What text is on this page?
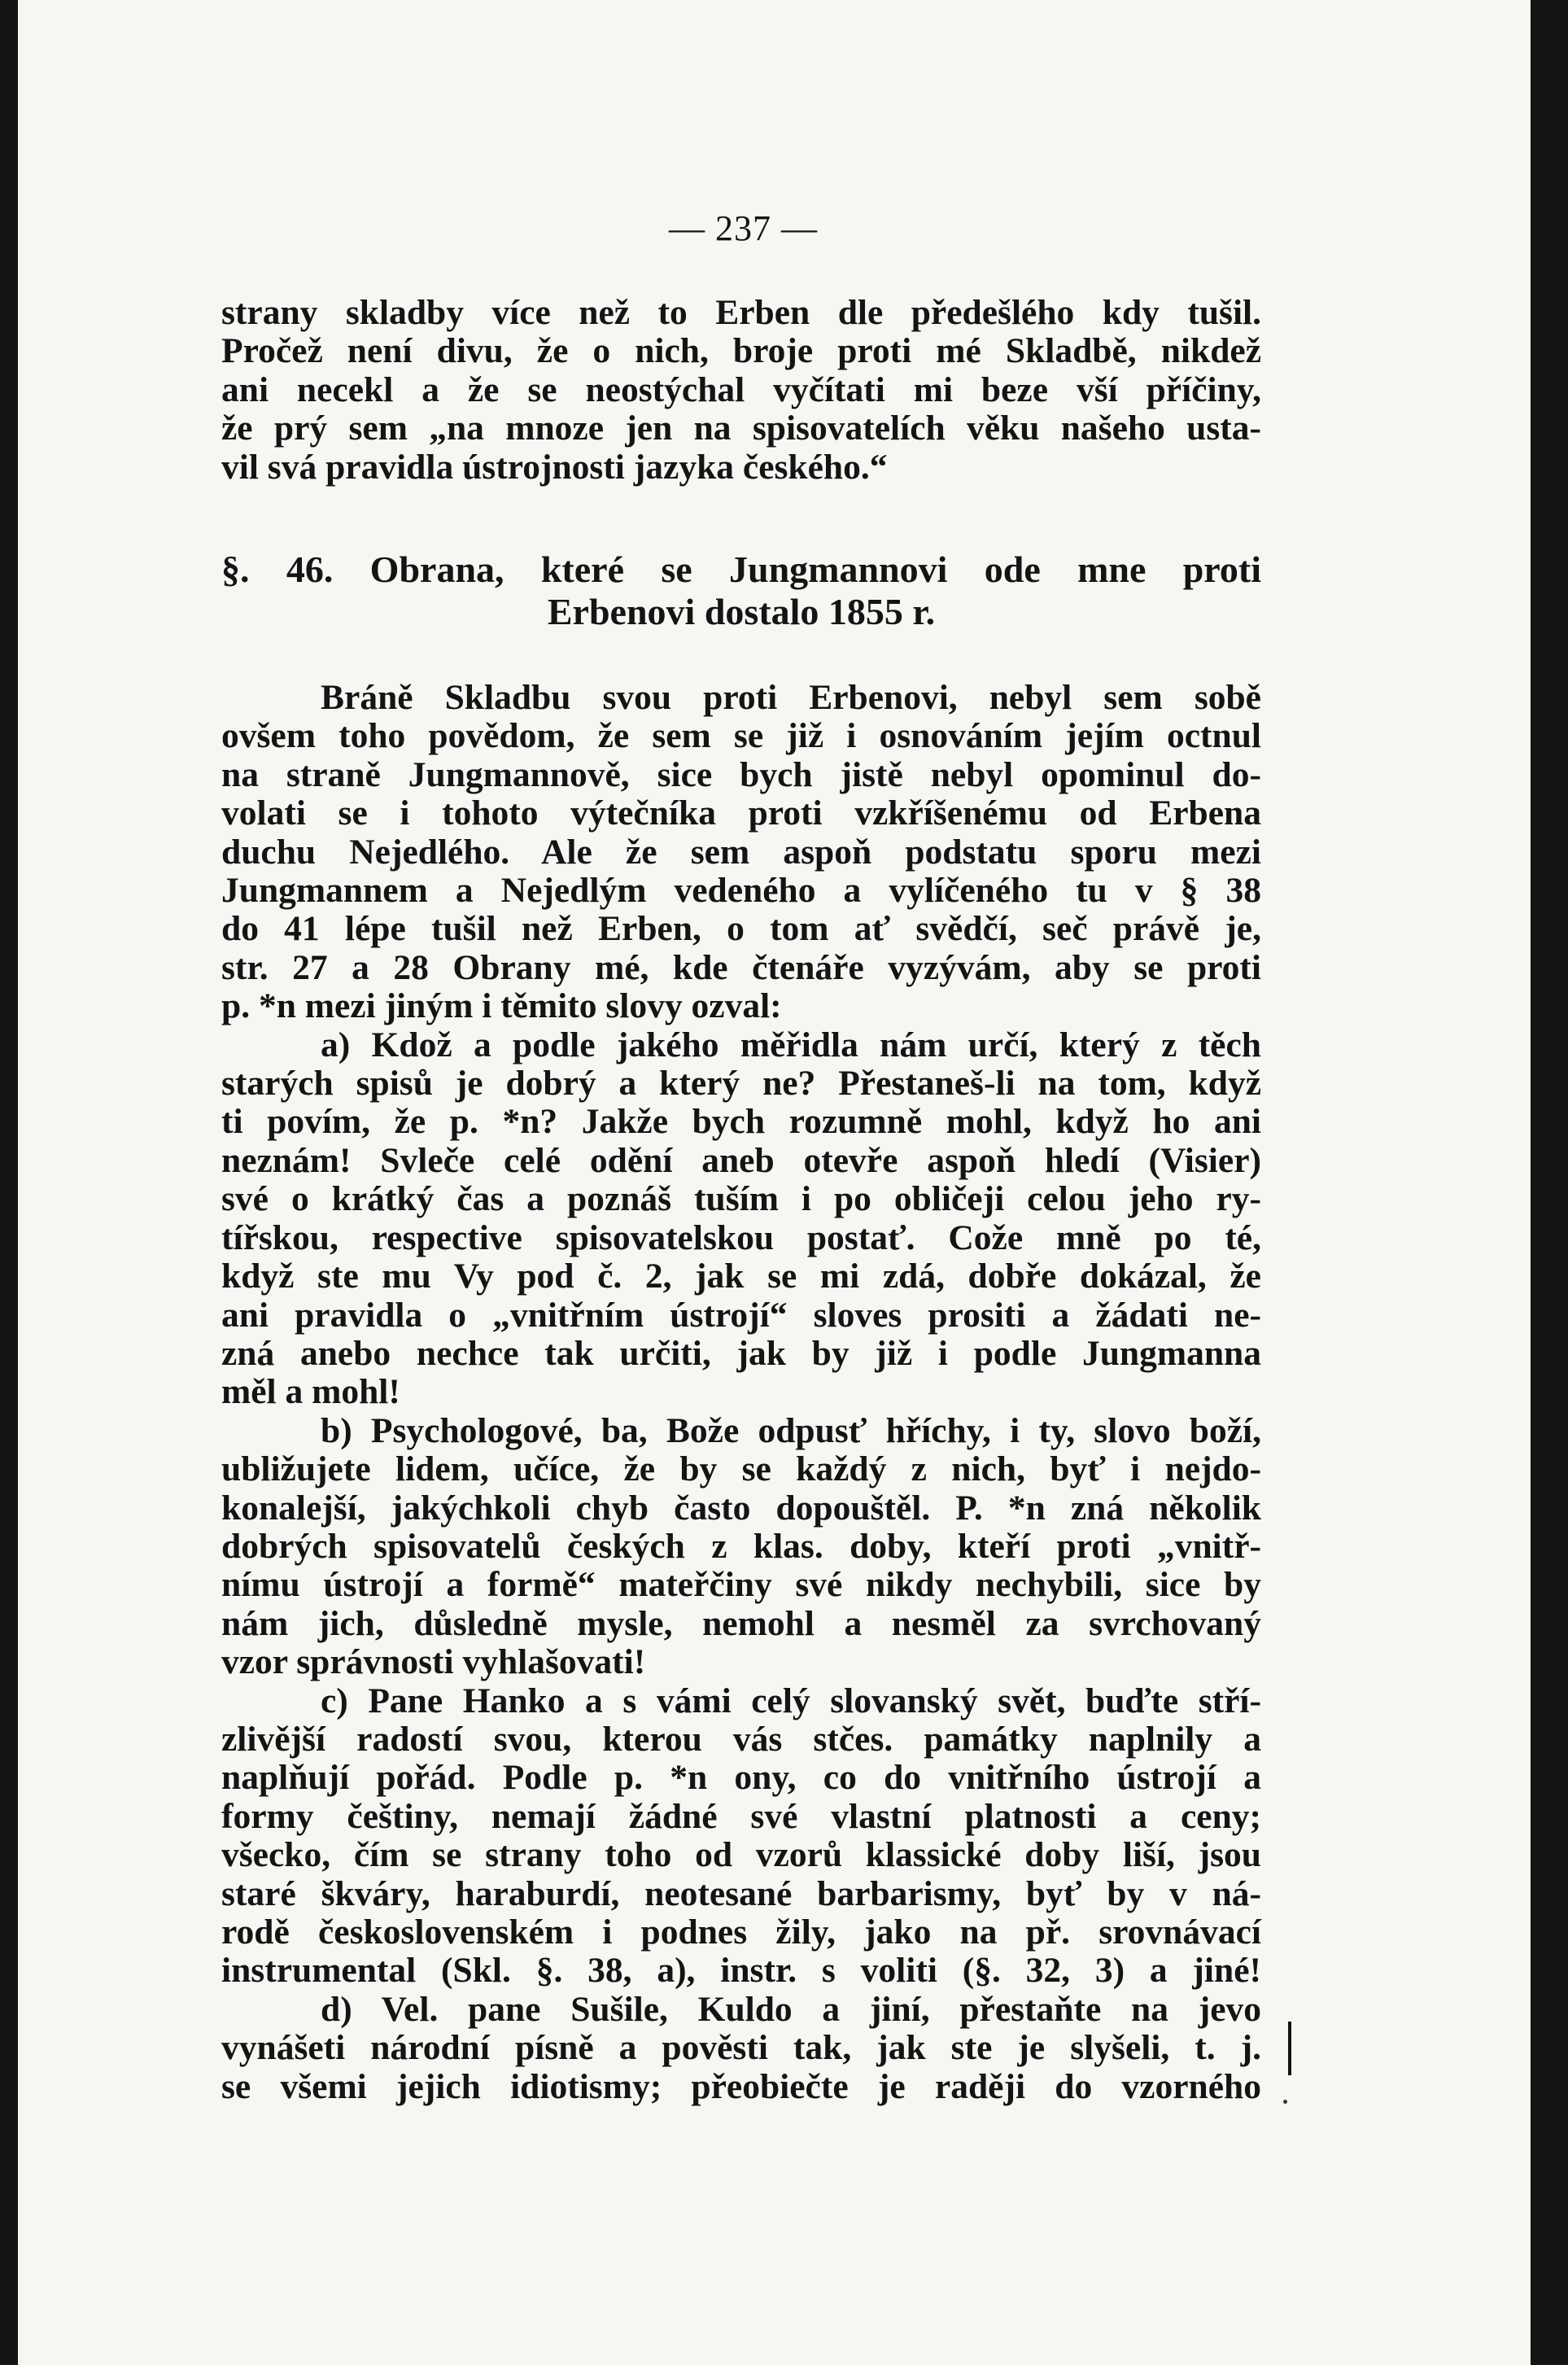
— 237 —
strany skladby více než to Erben dle předešlého kdy tušil.
Pročež není divu, že o nich, broje proti mé Skladbě, nikdež
ani necekl a že se neostýchal vyčítati mi beze vší příčiny,
že prý sem „na mnoze jen na spisovatelích věku našeho usta-
vil svá pravidla ústrojnosti jazyka českého.“
§. 46. Obrana, které se Jungmannovi ode mne proti
Erbenovi dostalo 1855 r.
Bráně Skladbu svou proti Erbenovi, nebyl sem sobě
ovšem toho povědom, že sem se již i osnováním jejím octnul
na straně Jungmannově, sice bych jistě nebyl opominul do-
volati se i tohoto výtečníka proti vzkříšenému od Erbena
duchu Nejedlého. Ale že sem aspoň podstatu sporu mezi
Jungmannem a Nejedlým vedeného a vylíčeného tu v § 38
do 41 lépe tušil než Erben, o tom ať svědčí, seč právě je,
str. 27 a 28 Obrany mé, kde čtenáře vyzývám, aby se proti
p. *n mezi jiným i těmito slovy ozval:
a) Kdož a podle jakého měřidla nám určí, který z těch
starých spisů je dobrý a který ne? Přestaneš-li na tom, když
ti povím, že p. *n? Jakže bych rozumně mohl, když ho ani
neznám! Svleče celé odění aneb otevře aspoň hledí (Visier)
své o krátký čas a poznáš tuším i po obličeji celou jeho ry-
tířskou, respective spisovatelskou postať. Cože mně po té,
když ste mu Vy pod č. 2, jak se mi zdá, dobře dokázal, že
ani pravidla o „vnitřním ústrojí“ sloves prositi a žádati ne-
zná anebo nechce tak určiti, jak by již i podle Jungmanna
měl a mohl!
b) Psychologové, ba, Bože odpusť hříchy, i ty, slovo boží,
ubližujete lidem, učíce, že by se každý z nich, byť i nejdo-
konalejší, jakýchkoli chyb často dopouštěl. P. *n zná několik
dobrých spisovatelů českých z klas. doby, kteří proti „vnitř-
nímu ústrojí a formě“ mateřčiny své nikdy nechybili, sice by
nám jich, důsledně mysle, nemohl a nesměl za svrchovaný
vzor správnosti vyhlašovati!
c) Pane Hanko a s vámi celý slovanský svět, buďte stří-
zlivější radostí svou, kterou vás stčes. památky naplnily a
naplňují pořád. Podle p. *n ony, co do vnitřního ústrojí a
formy češtiny, nemají žádné své vlastní platnosti a ceny;
všecko, čím se strany toho od vzorů klassické doby liší, jsou
staré škváry, haraburdí, neotesané barbarismy, byť by v ná-
rodě československém i podnes žily, jako na př. srovnávací
instrumental (Skl. §. 38, a), instr. s voliti (§. 32, 3) a jiné!
d) Vel. pane Sušile, Kuldo a jiní, přestaňte na jevo
vynášeti národní písně a pověsti tak, jak ste je slyšeli, t. j.
se všemi jejich idiotismy; přeobiečte je raději do vzorného
